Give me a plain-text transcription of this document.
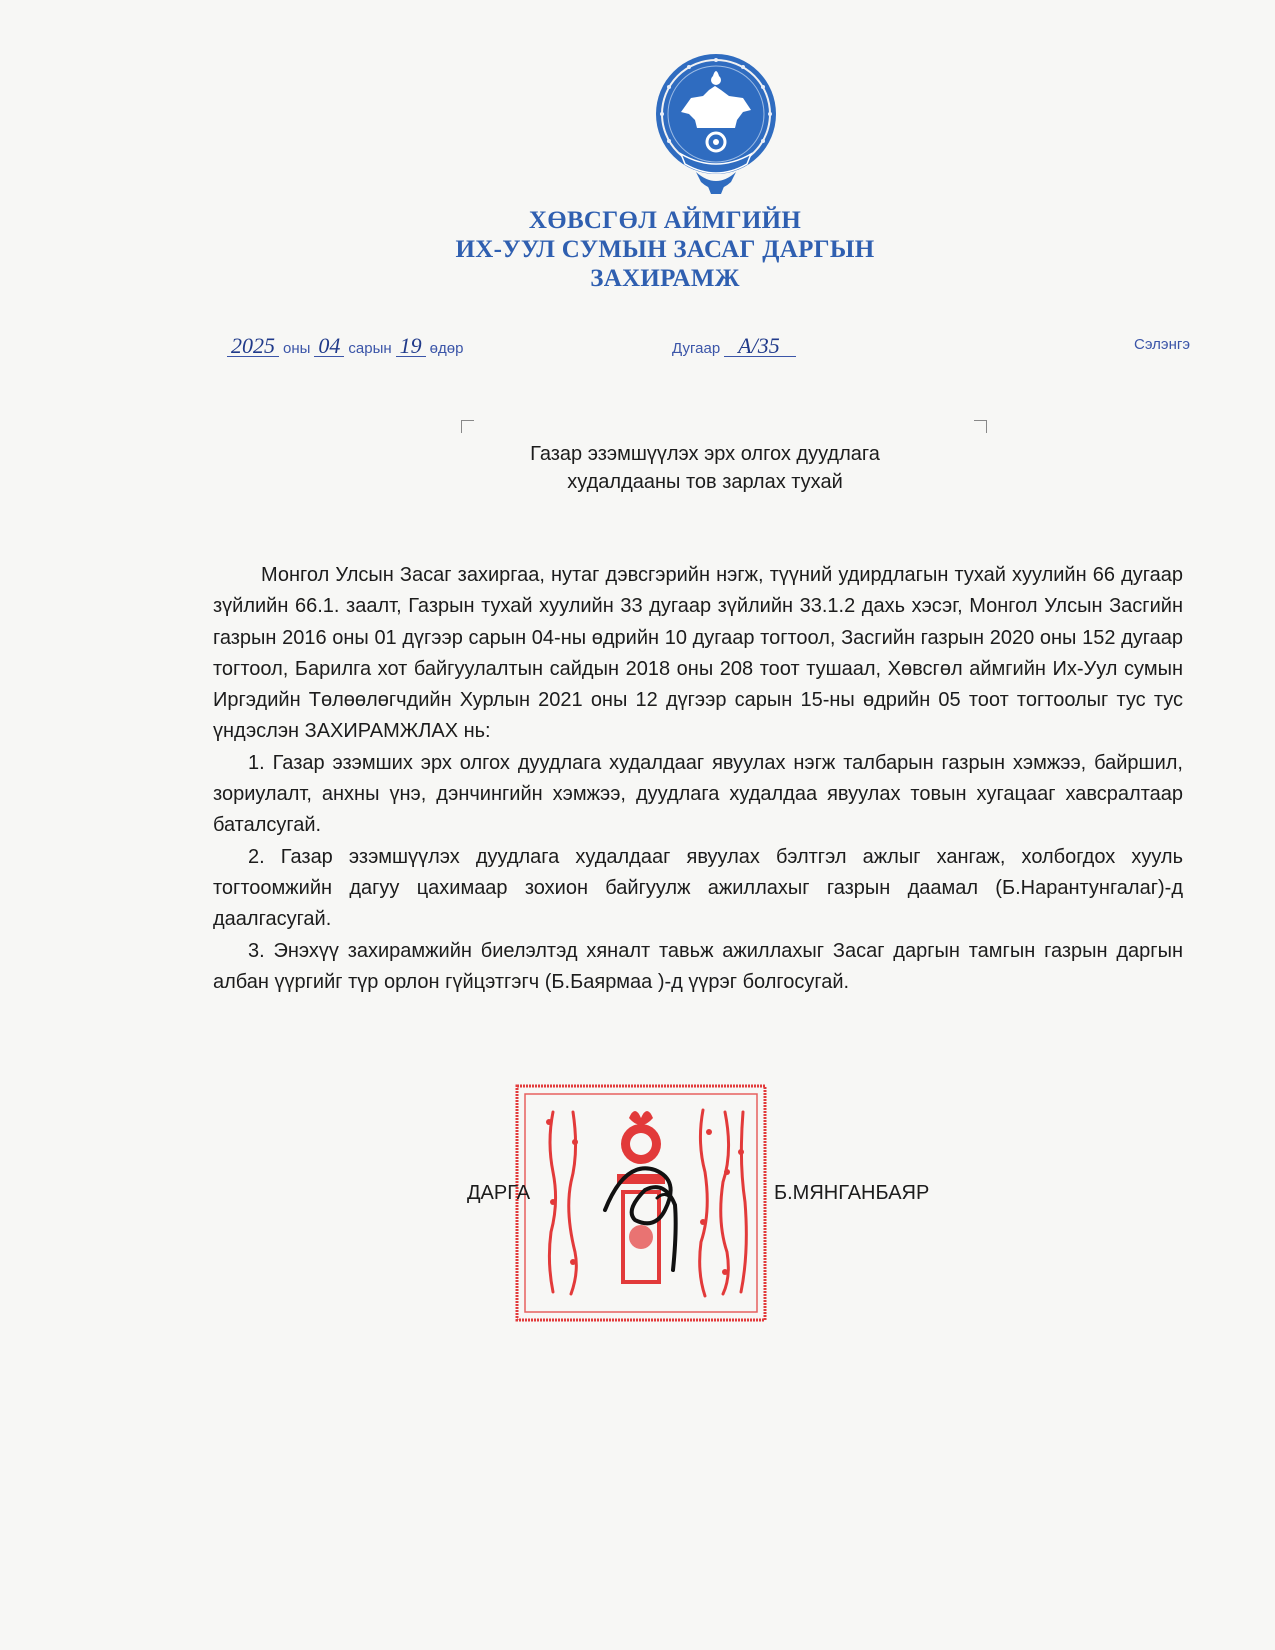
ХӨВСГӨЛ АЙМГИЙН
ИХ-УУЛ СУМЫН ЗАСАГ ДАРГЫН
ЗАХИРАМЖ
2025 оны 04 сарын 19 өдөр	Дугаар А/35	Сэлэнгэ
Газар эзэмшүүлэх эрх олгох дуудлага
худалдааны тов зарлах тухай

Монгол Улсын Засаг захиргаа, нутаг дэвсгэрийн нэгж, түүний удирдлагын тухай хуулийн 66 дугаар зүйлийн 66.1. заалт, Газрын тухай хуулийн 33 дугаар зүйлийн 33.1.2 дахь хэсэг, Монгол Улсын Засгийн газрын 2016 оны 01 дүгээр сарын 04-ны өдрийн 10 дугаар тогтоол, Засгийн газрын 2020 оны 152 дугаар тогтоол, Барилга хот байгуулалтын сайдын 2018 оны 208 тоот тушаал, Хөвсгөл аймгийн Их-Уул сумын Иргэдийн Төлөөлөгчдийн Хурлын 2021 оны 12 дүгээр сарын 15-ны өдрийн 05 тоот тогтоолыг тус тус үндэслэн ЗАХИРАМЖЛАХ нь:

1. Газар эзэмших эрх олгох дуудлага худалдааг явуулах нэгж талбарын газрын хэмжээ, байршил, зориулалт, анхны үнэ, дэнчингийн хэмжээ, дуудлага худалдаа явуулах товын хугацааг хавсралтаар баталсугай.

2. Газар эзэмшүүлэх дуудлага худалдааг явуулах бэлтгэл ажлыг хангаж, холбогдох хууль тогтоомжийн дагуу цахимаар зохион байгуулж ажиллахыг газрын даамал (Б.Нарантунгалаг)-д даалгасугай.

3. Энэхүү захирамжийн биелэлтэд хяналт тавьж ажиллахыг Засаг даргын тамгын газрын даргын албан үүргийг түр орлон гүйцэтгэгч (Б.Баярмаа )-д үүрэг болгосугай.

ДАРГА	Б.МЯНГАНБАЯР
